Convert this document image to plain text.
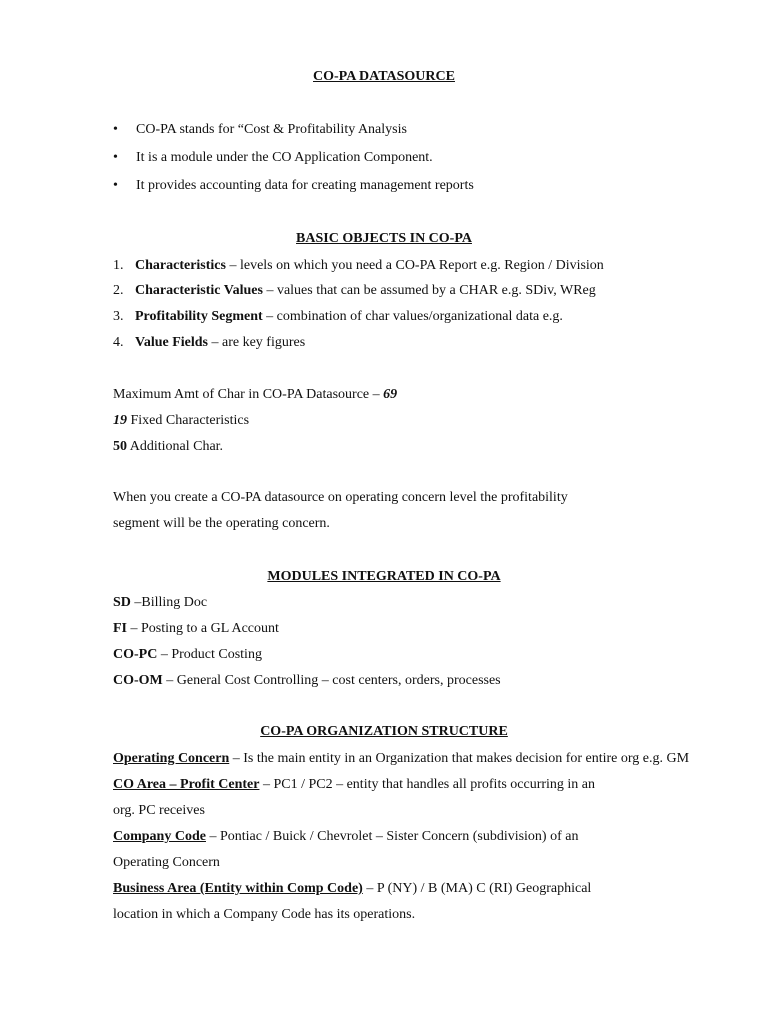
CO-PA DATASOURCE
• CO-PA stands for “Cost & Profitability Analysis
• It is a module under the CO Application Component.
• It provides accounting data for creating management reports
BASIC OBJECTS IN CO-PA
1. Characteristics – levels on which you need a CO-PA Report e.g. Region / Division
2. Characteristic Values – values that can be assumed by a CHAR e.g. SDiv, WReg
3. Profitability Segment – combination of char values/organizational data e.g.
4. Value Fields – are key figures
Maximum Amt of Char in CO-PA Datasource – 69
19 Fixed Characteristics
50 Additional Char.
When you create a CO-PA datasource on operating concern level the profitability
segment will be the operating concern.
MODULES INTEGRATED IN CO-PA
SD –Billing Doc
FI – Posting to a GL Account
CO-PC – Product Costing
CO-OM – General Cost Controlling – cost centers, orders, processes
CO-PA ORGANIZATION STRUCTURE
Operating Concern – Is the main entity in an Organization that makes decision for entire org e.g. GM
CO Area – Profit Center – PC1 / PC2 – entity that handles all profits occurring in an
org. PC receives
Company Code – Pontiac / Buick / Chevrolet – Sister Concern (subdivision) of an
Operating Concern
Business Area (Entity within Comp Code) – P (NY) / B (MA) C (RI) Geographical
location in which a Company Code has its operations.
